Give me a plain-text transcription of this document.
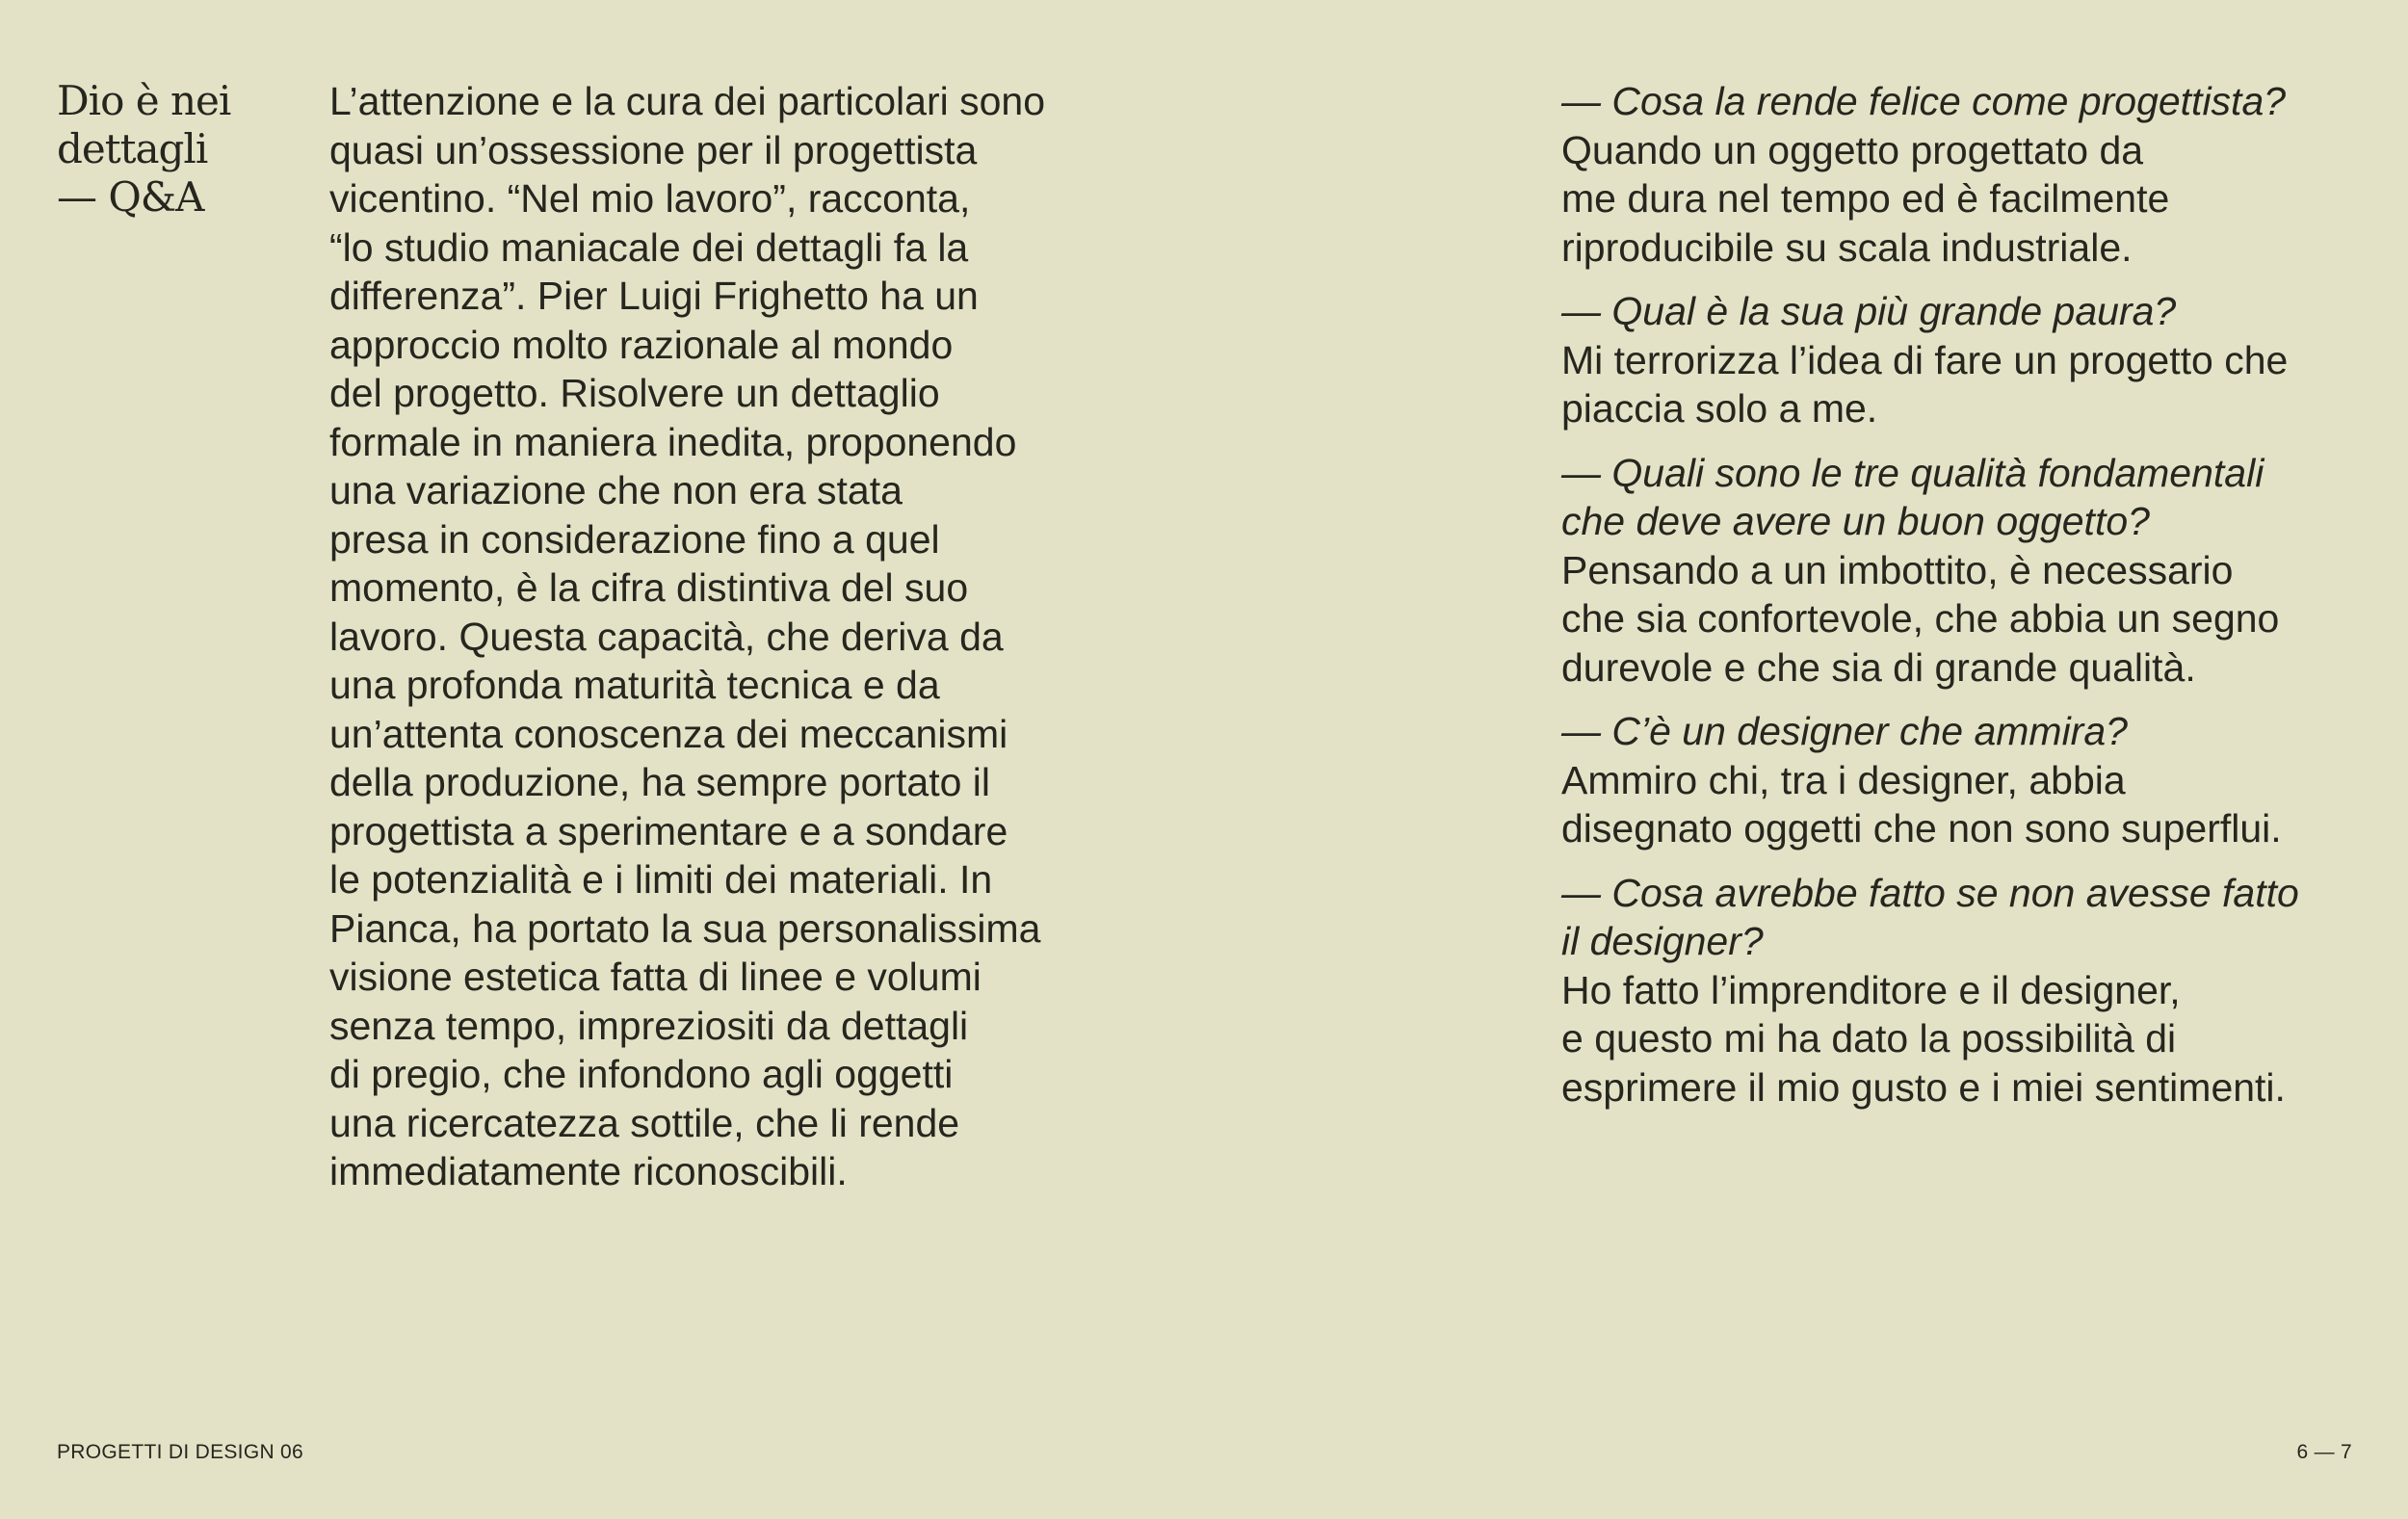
Dio è nei
dettagli
— Q&A
L’attenzione e la cura dei particolari sono
quasi un’ossessione per il progettista
vicentino. “Nel mio lavoro”, racconta,
“lo studio maniacale dei dettagli fa la
differenza”. Pier Luigi Frighetto ha un
approccio molto razionale al mondo
del progetto. Risolvere un dettaglio
formale in maniera inedita, proponendo
una variazione che non era stata
presa in considerazione fino a quel
momento, è la cifra distintiva del suo
lavoro. Questa capacità, che deriva da
una profonda maturità tecnica e da
un’attenta conoscenza dei meccanismi
della produzione, ha sempre portato il
progettista a sperimentare e a sondare
le potenzialità e i limiti dei materiali. In
Pianca, ha portato la sua personalissima
visione estetica fatta di linee e volumi
senza tempo, impreziositi da dettagli
di pregio, che infondono agli oggetti
una ricercatezza sottile, che li rende
immediatamente riconoscibili.
— Cosa la rende felice come progettista?
Quando un oggetto progettato da
me dura nel tempo ed è facilmente
riproducibile su scala industriale.
— Qual è la sua più grande paura?
Mi terrorizza l’idea di fare un progetto che
piaccia solo a me.
— Quali sono le tre qualità fondamentali
che deve avere un buon oggetto?
Pensando a un imbottito, è necessario
che sia confortevole, che abbia un segno
durevole e che sia di grande qualità.
— C’è un designer che ammira?
Ammiro chi, tra i designer, abbia
disegnato oggetti che non sono superflui.
— Cosa avrebbe fatto se non avesse fatto
il designer?
Ho fatto l’imprenditore e il designer,
e questo mi ha dato la possibilità di
esprimere il mio gusto e i miei sentimenti.
PROGETTI DI DESIGN 06	6 — 7
